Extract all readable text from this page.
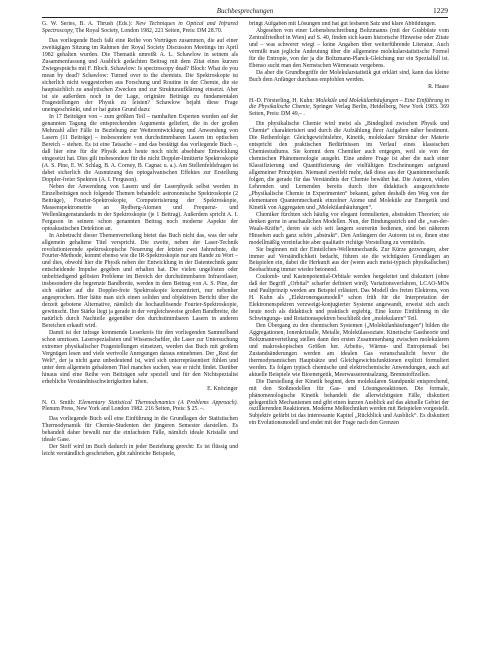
Buchbesprechungen	1229

G. W. Series, B. A. Thrush (Eds.): New Techniques in Optical and Infrared Spectroscopy, The Royal Society, London 1982, 221 Seiten, Preis: DM 28.70.

Das vorliegende Buch faßt eine Reihe von Vorträgen zusammen, die auf einer zweitägigen Sitzung im Rahmen der Royal Society Discussion Meetings im April 1982 gehalten wurden. Die Thematik umreißt A. L. Schawlow in seinem als Zusammenfassung und Ausblick gedachten Beitrag mit dem Zitat eines kurzen Zwiegesprächs mit F. Bloch. Schawlow: Is spectroscopy dead? Bloch: What do you mean by dead? Schawlow: Turned over to the chemists. Die Spektroskopie ist sicherlich nicht weggestorben aus Forschung und Routine in der Chemie, die sie hauptsächlich zu analytischen Zwecken und zur Strukturaufklärung einsetzt. Aber ist sie außerdem noch in der Lage, originäre Beiträge zu fundamentalen Fragestellungen der Physik zu leisten? Schawlow bejaht diese Frage uneingeschränkt, und er hat guten Grund dazu:

In 17 Beiträgen von – zum größten Teil – namhaften Experten wurden auf der genannten Tagung die entsprechenden Argumente geliefert, die in der großen Mehrzahl aller Fälle in Beziehung zur Weiterentwicklung und Anwendung von Lasern (11 Beiträge) – insbesondere von durchstimmbaren Lasern im optischen Bereich – stehen. Es ist eine Tatsache – und das bestätigt das vorliegende Buch –, daß hier eine für die Physik auch heute noch nicht absehbare Entwicklung eingesetzt hat. Dies gilt insbesondere für die nicht Doppler-limitierte Spektroskopie (A. S. Pine, E. W. Schlag, B. A. Corney, B. Cagnac u. a.). Am Stellenfeldsfragen ist dabei sicherlich die Ausnutzung des optogalvanischen Effektes zur Erstellung Doppler-freier Spektren (A. I. Ferguson).

Neben der Anwendung von Lasern und der Laserphysik selbst werden in Einzelbeiträgen noch folgende Themen behandelt: astronomische Spektroskopie (2 Beiträge), Fourier-Spektroskopie, Computerisierung der Spektroskopie, Massenspektrometrie an Rydberg-Atomen und Frequenz- und Wellenlängenstandards in der Spektroskopie (je 1 Beitrag). Außerdem spricht A. I. Ferguson in seinem schon genannten Beitrag noch moderne Aspekte der optoakustischen Detektion an.

In Anbetracht dieser Themenverteilung bietet das Buch nicht das, was der sehr allgemein gehaltene Titel verspricht. Die zweite, neben der Laser-Technik revolutionierende spektroskopische Neuerung der letzten zwei Jahrzehnte, die Fourier-Methode, kommt ebenso wie die IR-Spektroskopie nur am Rande zu Wort – und dies, obwohl hier die Physik neben der Entwicklung in der Datentechnik ganz entscheidende Impulse gegeben und erhalten hat. Die vielen ungelösten oder unbefriedigend gelösten Probleme im Bereich der durchstimmbaren Infrarotlaser, insbesondere die begrenzte Bandbreite, werden in dem Beitrag von A. S. Pine, der sich stärker auf die Doppler-freie Spektroskopie konzentriert, nur nebenher angesprochen. Hier hätte man sich einen soliden und objektiven Bericht über die derzeit gebotene Alternative, nämlich die hochauflösende Fourier-Spektroskopie, gewünscht. Ihre Stärke liegt ja gerade in der vergleichsweise großen Bandbreite, die natürlich durch Nachteile gegenüber den durchstimmbaren Lasern in anderen Bereichen erkauft wird.

Damit ist der infrage kommende Leserkreis für den vorliegenden Sammelband schon umrissen. Laserspezialisten und Wissenschaftler, die Laser zur Untersuchung extremer physikalischer Fragestellungen einsetzen, werden das Buch mit großem Vergnügen lesen und viele wertvolle Anregungen daraus entnehmen. Der „Rest der Welt“, der ja nicht ganz unbedeutend ist, wird sich unterrepräsentiert fühlen und unter dem allgemein gehaltenen Titel manches suchen, was er nicht findet. Darüber hinaus sind eine Reihe von Beiträgen sehr speziell und für den Nichtspezialist erhebliche Verständnisschwierigkeiten haben.

E. Knözinger

N. O. Smith: Elementary Statistical Thermodynamics (A Problems Approach). Plenum Press, New York and London 1982. 216 Seiten, Preis: $ 25. –.

Das vorliegende Buch soll eine Einführung in die Grundlagen der Statistischen Thermodynamik für Chemie-Studenten der jüngeren Semester darstellen. Es behandelt daher bewußt nur die einfachsten Fälle, nämlich ideale Kristalle und ideale Gase.

Der Stoff wird im Buch dadurch in jeder Beziehung gerecht: Es ist flüssig und leicht verständlich geschrieben, gibt zahlreiche Beispiele,

bringt Aufgaben mit Lösungen und hat gut lesbaren Satz und klare Abbildungen.

Abgesehen von einer Lebensbeschreibung Boltzmanns (mit der Grabbüste vom Zentralfriedhof in Wien) auf S. 40, finden sich kaum historische Hinweise oder Zitate und – was schwerer wiegt – keine Angaben über weiterführende Literatur. Auch vermißt man jegliche Andeutung über die allgemeine molekularstatistische Formel für die Entropie, von der ja die Boltzmann-Planck-Gleichung nur ein Spezialfall ist. Ebenso sucht man den Nernstschen Wärmesatz vergebens.

Da aber die Grundbegriffe der Molekularstatistik gut erklärt sind, kann das kleine Buch dem Anfänger durchaus empfohlen werden.

R. Haase

H.-D. Försterling, H. Kuhn: Moleküle und Molekülanhäufungen – Eine Einführung in die Physikalische Chemie, Springer Verlag Berlin, Heidelberg, New York 1983. 369 Seiten, Preis: DM 49,– .

Die physikalische Chemie wird meist als „Bindeglied zwischen Physik und Chemie“ charakterisiert und durch die Aufzählung ihrer Aufgaben näher bestimmt. Die Reihenfolge: Gleichgewichtslehre, Kinetik, molekulare Struktur der Materie entspricht den praktischen Bedürfnissen im Verlauf eines klassischen Chemiestudiums. Sie kommt dem Chemiker auch entgegen, weil sie von der chemischen Phänomenologie ausgeht. Eine andere Frage ist aber die nach einer Klassifizierung und Quantifizierung der vielfältigen Erscheinungen aufgrund allgemeiner Prinzipien. Niemand zweifelt mehr, daß diese aus der Quantenmechanik folgen, die gerade für das Verständnis der Chemie bewährt hat. Die Autoren, vielen Lehrenden und Lernenden bereits durch ihre didaktisch ausgezeichnete „Physikalische Chemie in Experimenten“ bekannt, gehen deshalb den Weg von der elementaren Quantenmechanik einzelner Atome und Moleküle zur Energetik und Kinetik von Aggregaten und „Molekülanhäufungen“.

Chemiker fürchten sich häufig vor elegant formulierten, abstrakten Theorien; sie denken gerne in anschaulichen Modellen. Nun, der Bindungsstrich und die „van-der-Waals-Kräfte“, deren sie sich seit langem souverän bedienen, sind bei näherem Hinsehen auch ganz schön „abstrakt“. Den Anfängern der Autoren ist es, ihnen eine modellmäßig vereinfachte aber qualitativ richtige Vorstellung zu vermitteln.

Sie beginnen mit der Einteilchen-Wellenmechanik. Zur Kürze gezwungen, aber immer auf Verständlichkeit bedacht, führen sie die wichtigsten Grundlagen an Beispielen ein, dabei die Herkunft aus der (wenn auch meist-typisch physikalischen) Beobachtung immer wieder betonend.

Coulomb- und Kastenpotential-Orbitale werden hergeleitet und diskutiert (ohne daß der Begriff „Orbital“ scharfer definiert wird); Variationsverfahren, LCAO-MOs und Pauliprinzip werden am Beispiel erläutert. Das Modell des freien Elektrons, von H. Kuhn als „Elektronengasmodell“ schon früh für die Interpretation der Elektronenspektren verzweigt-konjugierter Systeme angewandt, erweist sich auch heute noch als didaktisch und praktisch ergiebig. Eine kurze Einführung in die Schwingungs- und Rotationsspektren beschließt den „molekularen“ Teil.

Den Übergang zu den chemischen Systemen („Molekülanhäufungen“) bilden die Aggregationen, Ionenkristalle, Metalle, Molekülassoziate. Kinetische Gastheorie und Boltzmannverteilung stellen dann den ersten Zusammenhang zwischen molekularen und makroskopischen Größen her. Arbeits-, Wärme- und Entropiemaß bei Zustandsänderungen werden am idealen Gas veranschaulicht bevor die thermodynamischen Hauptsätze und Gleichgewichtsfunktionen explizit formuliert werden. Es folgen typisch chemische und elektrochemische Anwendungen, auch auf aktuelle Beispiele wie Bioenergetik, Meerwasserentsalzung, Brennstoffzellen.

Die Darstellung der Kinetik beginnt, dem molekularen Standpunkt entsprechend, mit den Stoßmodellen für Gas- und Lösungsreaktionen. Die formale, phänomenologische Kinetik behandelt die allerwichtigsten Fälle, diskutiert gelegentlich Mechanismen und gibt einen kurzen Ausblick auf das aktuelle Gebiet der oszillierenden Reaktionen. Moderne Meßtechniken werden mit Beispielen vorgestellt. Subjektiv gefärbt ist das interessante Kapitel „Rückblick und Ausblick“. Es diskutiert ein Evolutionsmodell und endet mit der Frage nach den Grenzen
